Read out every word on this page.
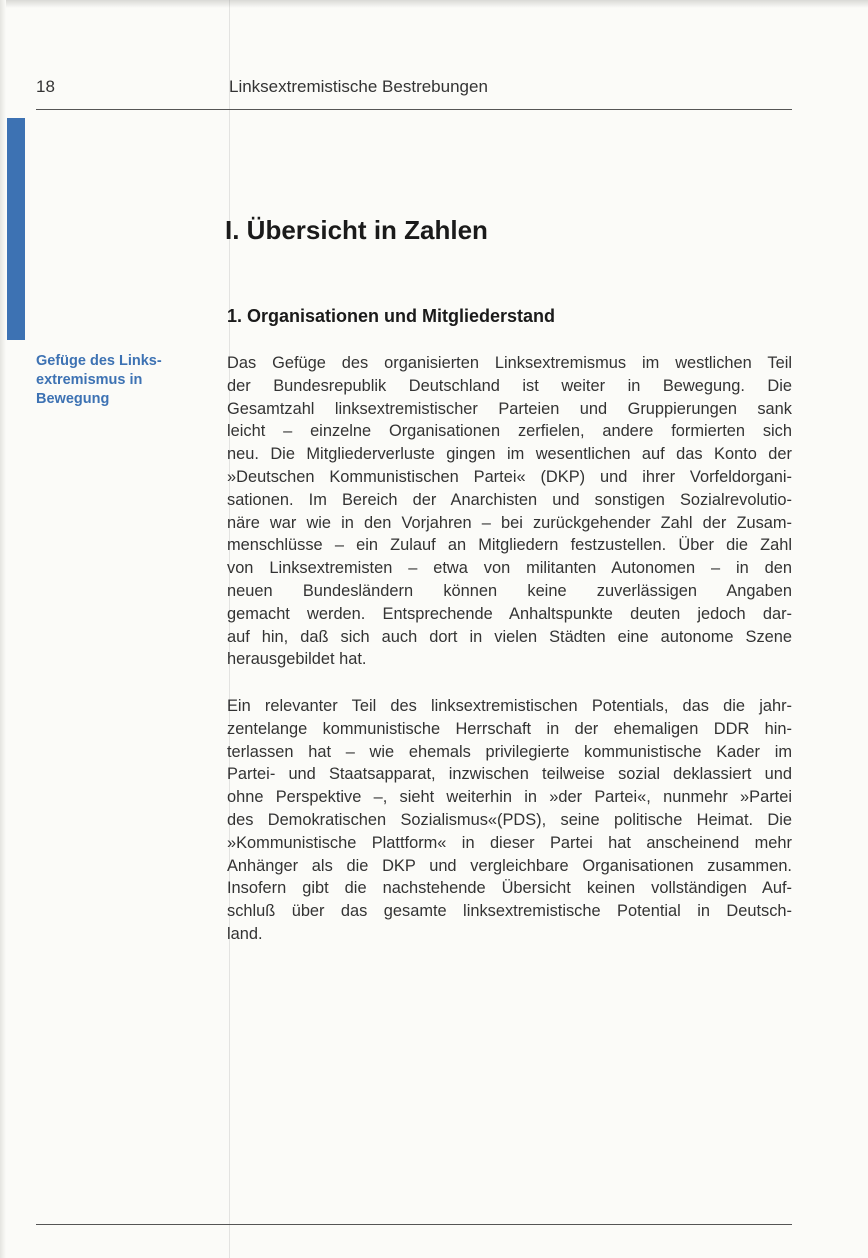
18	Linksextremistische Bestrebungen
I. Übersicht in Zahlen
1. Organisationen und Mitgliederstand
Gefüge des Links-
extremismus in
Bewegung
Das Gefüge des organisierten Linksextremismus im westlichen Teil
der Bundesrepublik Deutschland ist weiter in Bewegung. Die
Gesamtzahl linksextremistischer Parteien und Gruppierungen sank
leicht – einzelne Organisationen zerfielen, andere formierten sich
neu. Die Mitgliederverluste gingen im wesentlichen auf das Konto der
»Deutschen Kommunistischen Partei« (DKP) und ihrer Vorfeldorgani-
sationen. Im Bereich der Anarchisten und sonstigen Sozialrevolutio-
näre war wie in den Vorjahren – bei zurückgehender Zahl der Zusam-
menschlüsse – ein Zulauf an Mitgliedern festzustellen. Über die Zahl
von Linksextremisten – etwa von militanten Autonomen – in den
neuen Bundesländern können keine zuverlässigen Angaben
gemacht werden. Entsprechende Anhaltspunkte deuten jedoch dar-
auf hin, daß sich auch dort in vielen Städten eine autonome Szene
herausgebildet hat.
Ein relevanter Teil des linksextremistischen Potentials, das die jahr-
zentelange kommunistische Herrschaft in der ehemaligen DDR hin-
terlassen hat – wie ehemals privilegierte kommunistische Kader im
Partei- und Staatsapparat, inzwischen teilweise sozial deklassiert und
ohne Perspektive –, sieht weiterhin in »der Partei«, nunmehr »Partei
des Demokratischen Sozialismus«(PDS), seine politische Heimat. Die
»Kommunistische Plattform« in dieser Partei hat anscheinend mehr
Anhänger als die DKP und vergleichbare Organisationen zusammen.
Insofern gibt die nachstehende Übersicht keinen vollständigen Auf-
schluß über das gesamte linksextremistische Potential in Deutsch-
land.
